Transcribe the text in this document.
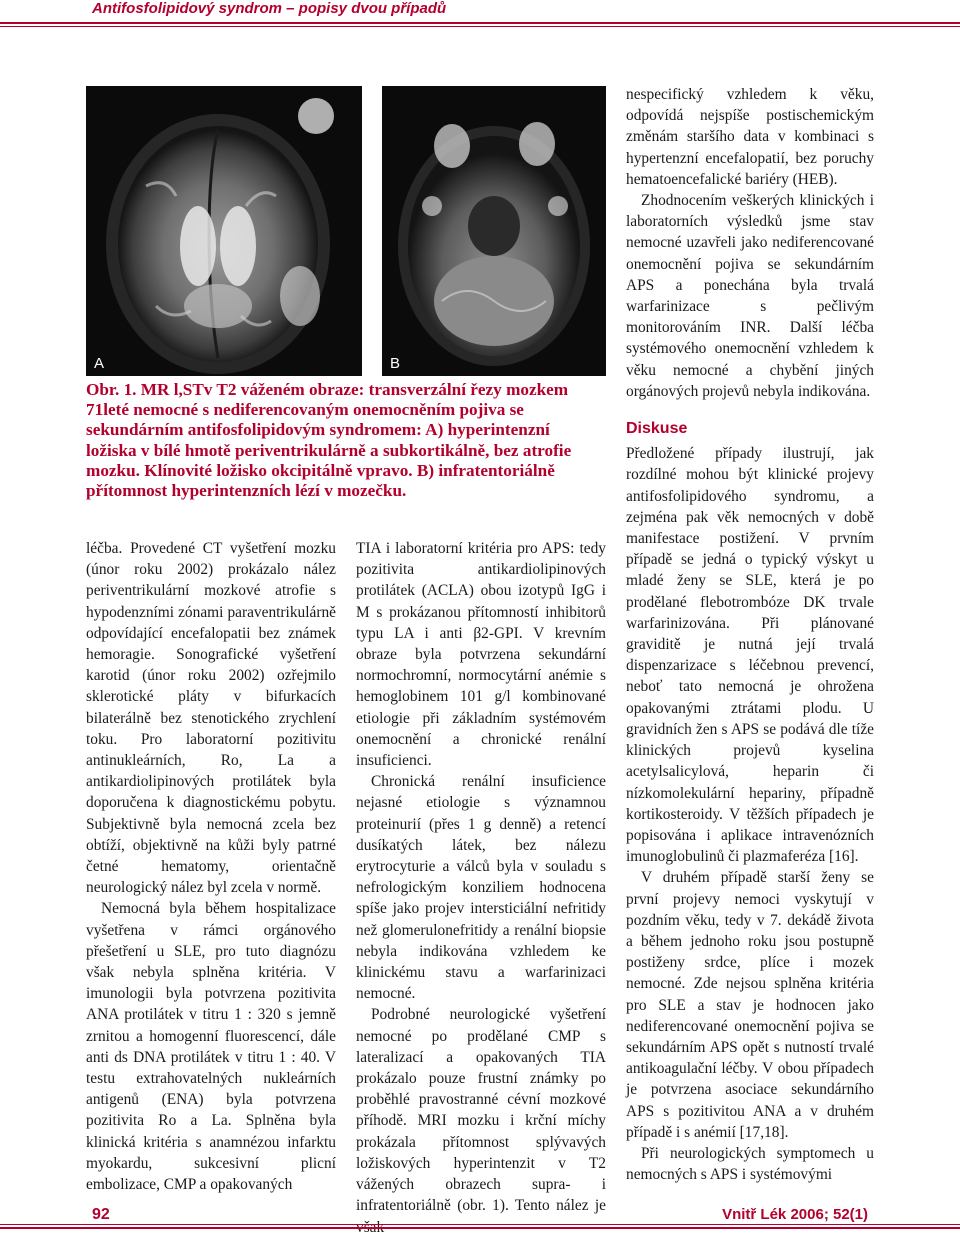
Antifosfolipidový syndrom – popisy dvou případů
A	B
Obr. 1. MR l,STv T2 váženém obraze: transverzální řezy mozkem 71leté nemocné s nediferencovaným onemocněním pojiva se sekundárním antifosfolipidovým syndromem: A) hyperintenzní ložiska v bílé hmotě periventrikulárně a subkortikálně, bez atrofie mozku. Klínovité ložisko okcipitálně vpravo. B) infratentoriálně přítomnost hyperintenzních lézí v mozečku.

léčba. Provedené CT vyšetření mozku (únor roku 2002) prokázalo nález periventrikulární mozkové atrofie s hypodenzními zónami paraventrikulárně odpovídající encefalopatii bez známek hemoragie. Sonografické vyšetření karotid (únor roku 2002) ozřejmilo sklerotické pláty v bifurkacích bilaterálně bez stenotického zrychlení toku. Pro laboratorní pozitivitu antinukleárních, Ro, La a antikardiolipinových protilátek byla doporučena k diagnostickému pobytu. Subjektivně byla nemocná zcela bez obtíží, objektivně na kůži byly patrné četné hematomy, orientačně neurologický nález byl zcela v normě.

Nemocná byla během hospitalizace vyšetřena v rámci orgánového přešetření u SLE, pro tuto diagnózu však nebyla splněna kritéria. V imunologii byla potvrzena pozitivita ANA protilátek v titru 1 : 320 s jemně zrnitou a homogenní fluorescencí, dále anti ds DNA protilátek v titru 1 : 40. V testu extrahovatelných nukleárních antigenů (ENA) byla potvrzena pozitivita Ro a La. Splněna byla klinická kritéria s anamnézou infarktu myokardu, sukcesivní plicní embolizace, CMP a opakovaných

TIA i laboratorní kritéria pro APS: tedy pozitivita antikardiolipinových protilátek (ACLA) obou izotypů IgG i M s prokázanou přítomností inhibitorů typu LA i anti β2-GPI. V krevním obraze byla potvrzena sekundární normochromní, normocytární anémie s hemoglobinem 101 g/l kombinované etiologie při základním systémovém onemocnění a chronické renální insuficienci.

Chronická renální insuficience nejasné etiologie s významnou proteinurií (přes 1 g denně) a retencí dusíkatých látek, bez nálezu erytrocyturie a válců byla v souladu s nefrologickým konziliem hodnocena spíše jako projev intersticiální nefritidy než glomerulonefritidy a renální biopsie nebyla indikována vzhledem ke klinickému stavu a warfarinizaci nemocné.

Podrobné neurologické vyšetření nemocné po prodělané CMP s lateralizací a opakovaných TIA prokázalo pouze frustní známky po proběhlé pravostranné cévní mozkové příhodě. MRI mozku i krční míchy prokázala přítomnost splývavých ložiskových hyperintenzit v T2 vážených obrazech supra- i infratentoriálně (obr. 1). Tento nález je

nespecifický vzhledem k věku, odpovídá nejspíše postischemickým změnám staršího data v kombinaci s hypertenzní encefalopatií, bez poruchy hematoencefalické bariéry (HEB).

Zhodnocením veškerých klinických i laboratorních výsledků jsme stav nemocné uzavřeli jako nediferencované onemocnění pojiva se sekundárním APS a ponechána byla trvalá warfarinizace s pečlivým monitorováním INR. Další léčba systémového onemocnění vzhledem k věku nemocné a chybění jiných orgánových projevů nebyla indikována.

Diskuse

Předložené případy ilustrují, jak rozdílné mohou být klinické projevy antifosfolipidového syndromu, a zejména pak věk nemocných v době manifestace postižení. V prvním případě se jedná o typický výskyt u mladé ženy se SLE, která je po prodělané flebotrombóze DK trvale warfarinizována. Při plánované graviditě je nutná její trvalá dispenzarizace s léčebnou prevencí, neboť tato nemocná je ohrožena opakovanými ztrátami plodu. U gravidních žen s APS se podává dle tíže klinických projevů kyselina acetylsalicylová, heparin či nízkomolekulární hepariny, případně kortikosteroidy. V těžších případech je popisována i aplikace intravenózních imunoglobulinů či plazmaferéza [16].

V druhém případě starší ženy se první projevy nemoci vyskytují v pozdním věku, tedy v 7. dekádě života a během jednoho roku jsou postupně postiženy srdce, plíce i mozek nemocné. Zde nejsou splněna kritéria pro SLE a stav je hodnocen jako nediferencované onemocnění pojiva se sekundárním APS opět s nutností trvalé antikoagulační léčby. V obou případech je potvrzena asociace sekundárního APS s pozitivitou ANA a v druhém případě i s anémií [17,18].

Při neurologických symptomech u nemocných s APS i systémovými

92	Vnitř Lék 2006; 52(1)
